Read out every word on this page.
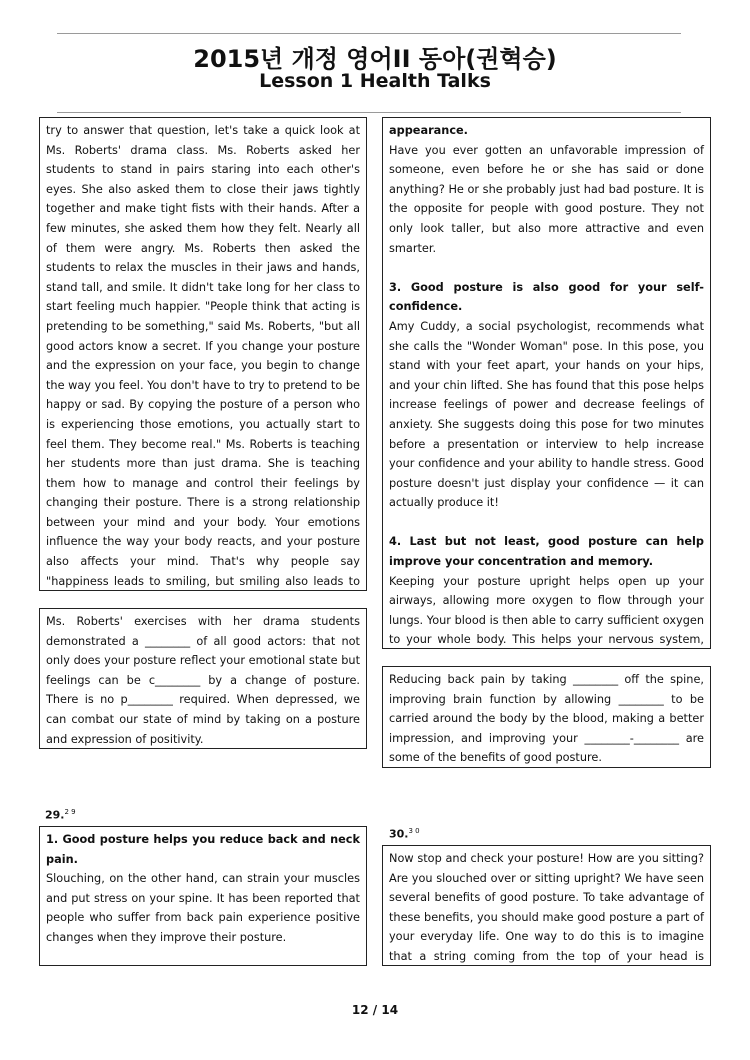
2015년 개정 영어II 동아(권혁승)
Lesson 1 Health Talks

try to answer that question, let's take a quick look at Ms. Roberts' drama class. Ms. Roberts asked her students to stand in pairs staring into each other's eyes. She also asked them to close their jaws tightly together and make tight fists with their hands. After a few minutes, she asked them how they felt. Nearly all of them were angry. Ms. Roberts then asked the students to relax the muscles in their jaws and hands, stand tall, and smile. It didn't take long for her class to start feeling much happier. "People think that acting is pretending to be something," said Ms. Roberts, "but all good actors know a secret. If you change your posture and the expression on your face, you begin to change the way you feel. You don't have to try to pretend to be happy or sad. By copying the posture of a person who is experiencing those emotions, you actually start to feel them. They become real." Ms. Roberts is teaching her students more than just drama. She is teaching them how to manage and control their feelings by changing their posture. There is a strong relationship between your mind and your body. Your emotions influence the way your body reacts, and your posture also affects your mind. That's why people say "happiness leads to smiling, but smiling also leads to

Ms. Roberts' exercises with her drama students demonstrated a ________ of all good actors: that not only does your posture reflect your emotional state but feelings can be c________ by a change of posture. There is no p________ required. When depressed, we can combat our state of mind by taking on a posture and expression of positivity.

29.$^{2 9}$

1. Good posture helps you reduce back and neck pain.

Slouching, on the other hand, can strain your muscles and put stress on your spine. It has been reported that people who suffer from back pain experience positive changes when they improve their posture.

appearance.

Have you ever gotten an unfavorable impression of someone, even before he or she has said or done anything? He or she probably just had bad posture. It is the opposite for people with good posture. They not only look taller, but also more attractive and even smarter.

3. Good posture is also good for your self-confidence.

Amy Cuddy, a social psychologist, recommends what she calls the "Wonder Woman" pose. In this pose, you stand with your feet apart, your hands on your hips, and your chin lifted. She has found that this pose helps increase feelings of power and decrease feelings of anxiety. She suggests doing this pose for two minutes before a presentation or interview to help increase your confidence and your ability to handle stress. Good posture doesn't just display your confidence — it can actually produce it!

4. Last but not least, good posture can help improve your concentration and memory.

Keeping your posture upright helps open up your airways, allowing more oxygen to flow through your lungs. Your blood is then able to carry sufficient oxygen to your whole body. This helps your nervous system,

Reducing back pain by taking ________ off the spine, improving brain function by allowing ________ to be carried around the body by the blood, making a better impression, and improving your ________-________ are some of the benefits of good posture.

30.$^{3 0}$

Now stop and check your posture! How are you sitting? Are you slouched over or sitting upright? We have seen several benefits of good posture. To take advantage of these benefits, you should make good posture a part of your everyday life. One way to do this is to imagine that a string coming from the top of your head is

12 / 14
